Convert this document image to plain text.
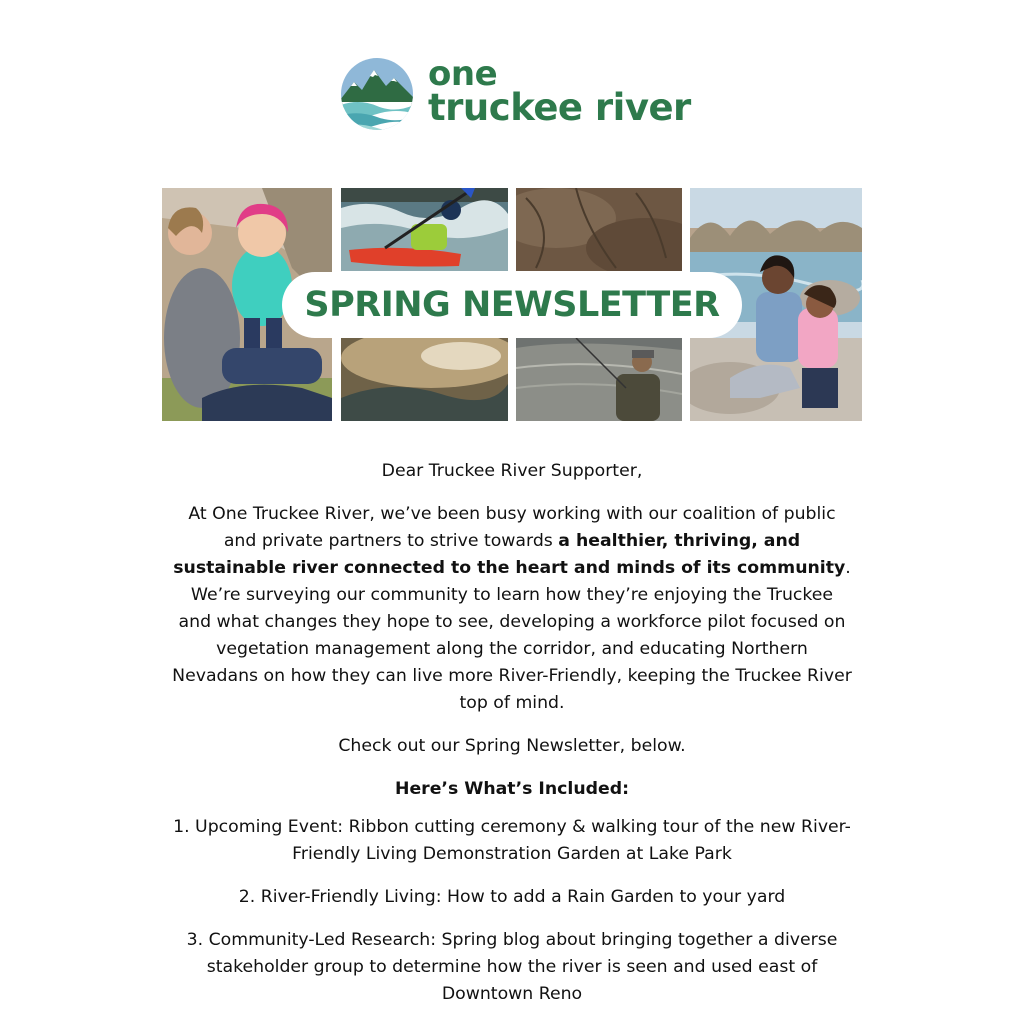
one
truckee river
SPRING NEWSLETTER

Dear Truckee River Supporter,

At One Truckee River, we’ve been busy working with our coalition of public and private partners to strive towards a healthier, thriving, and sustainable river connected to the heart and minds of its community. We’re surveying our community to learn how they’re enjoying the Truckee and what changes they hope to see, developing a workforce pilot focused on vegetation management along the corridor, and educating Northern Nevadans on how they can live more River-Friendly, keeping the Truckee River top of mind.

Check out our Spring Newsletter, below.

Here’s What’s Included:

1. Upcoming Event: Ribbon cutting ceremony & walking tour of the new River-Friendly Living Demonstration Garden at Lake Park
2. River-Friendly Living: How to add a Rain Garden to your yard
3. Community-Led Research: Spring blog about bringing together a diverse stakeholder group to determine how the river is seen and used east of Downtown Reno
